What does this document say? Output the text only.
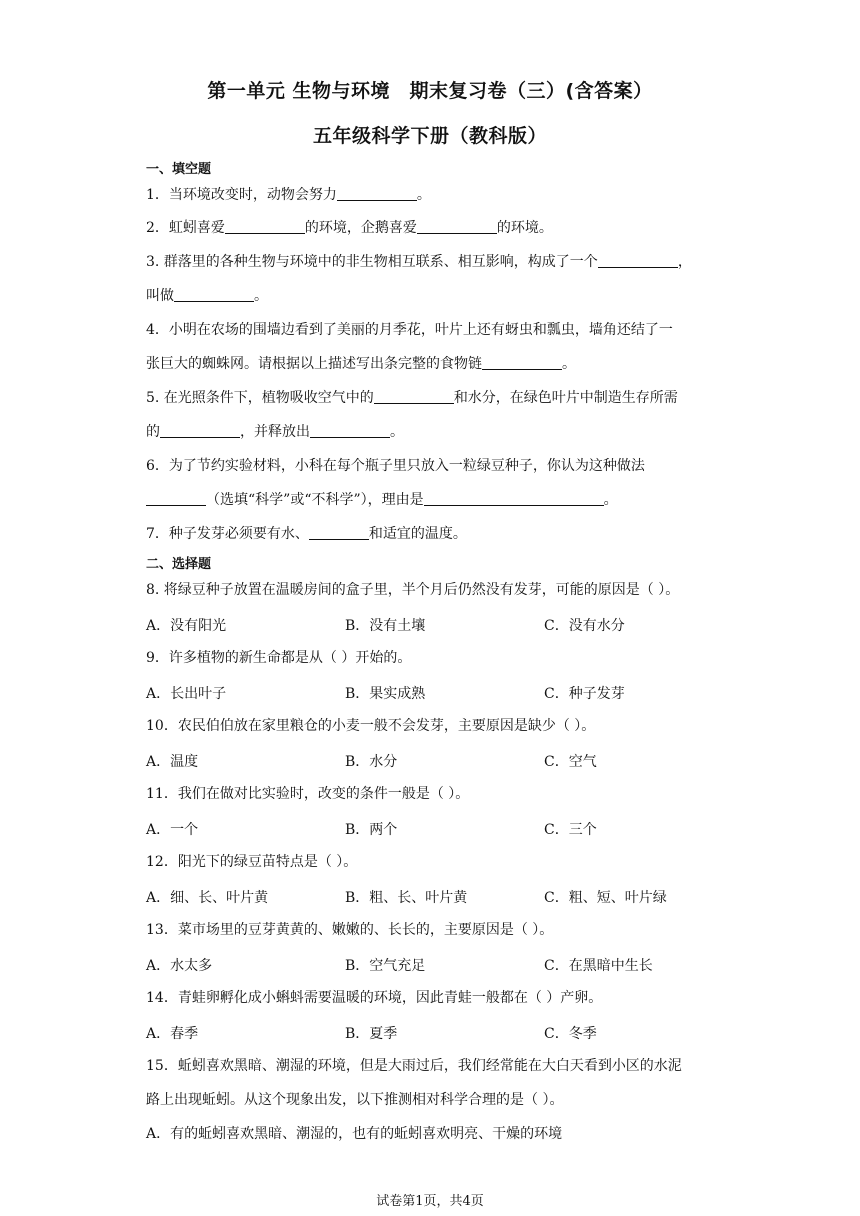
第一单元 生物与环境　期末复习卷（三）(含答案）
五年级科学下册（教科版）
一、填空题
1．当环境改变时，动物会努力	。
2．虹蚓喜爱	的环境，企鹅喜爱	的环境。
3. 群落里的各种生物与环境中的非生物相互联系、相互影响，构成了一个	，
叫做	。
4．小明在农场的围墙边看到了美丽的月季花，叶片上还有蚜虫和瓢虫，墙角还结了一
张巨大的蜘蛛网。请根据以上描述写出条完整的食物链	。
5. 在光照条件下，植物吸收空气中的	和水分，在绿色叶片中制造生存所需
的	，并释放出	。
6．为了节约实验材料，小科在每个瓶子里只放入一粒绿豆种子，你认为这种做法
（选填“科学”或“不科学”），理由是	。
7．种子发芽必须要有水、	和适宜的温度。
二、选择题
8. 将绿豆种子放置在温暖房间的盒子里，半个月后仍然没有发芽，可能的原因是（ ）。
A．没有阳光	B．没有土壤	C．没有水分
9．许多植物的新生命都是从（ ）开始的。
A．长出叶子	B．果实成熟	C．种子发芽
10．农民伯伯放在家里粮仓的小麦一般不会发芽，主要原因是缺少（ ）。
A．温度	B．水分	C．空气
11．我们在做对比实验时，改变的条件一般是（ ）。
A．一个	B．两个	C．三个
12．阳光下的绿豆苗特点是（ ）。
A．细、长、叶片黄	B．粗、长、叶片黄	C．粗、短、叶片绿
13．菜市场里的豆芽黄黄的、嫩嫩的、长长的，主要原因是（ ）。
A．水太多	B．空气充足	C．在黑暗中生长
14．青蛙卵孵化成小蝌蚪需要温暖的环境，因此青蛙一般都在（ ）产卵。
A．春季	B．夏季	C．冬季
15．蚯蚓喜欢黑暗、潮湿的环境，但是大雨过后，我们经常能在大白天看到小区的水泥
路上出现蚯蚓。从这个现象出发，以下推测相对科学合理的是（ ）。
A．有的蚯蚓喜欢黑暗、潮湿的，也有的蚯蚓喜欢明亮、干燥的环境
试卷第1页，共4页
